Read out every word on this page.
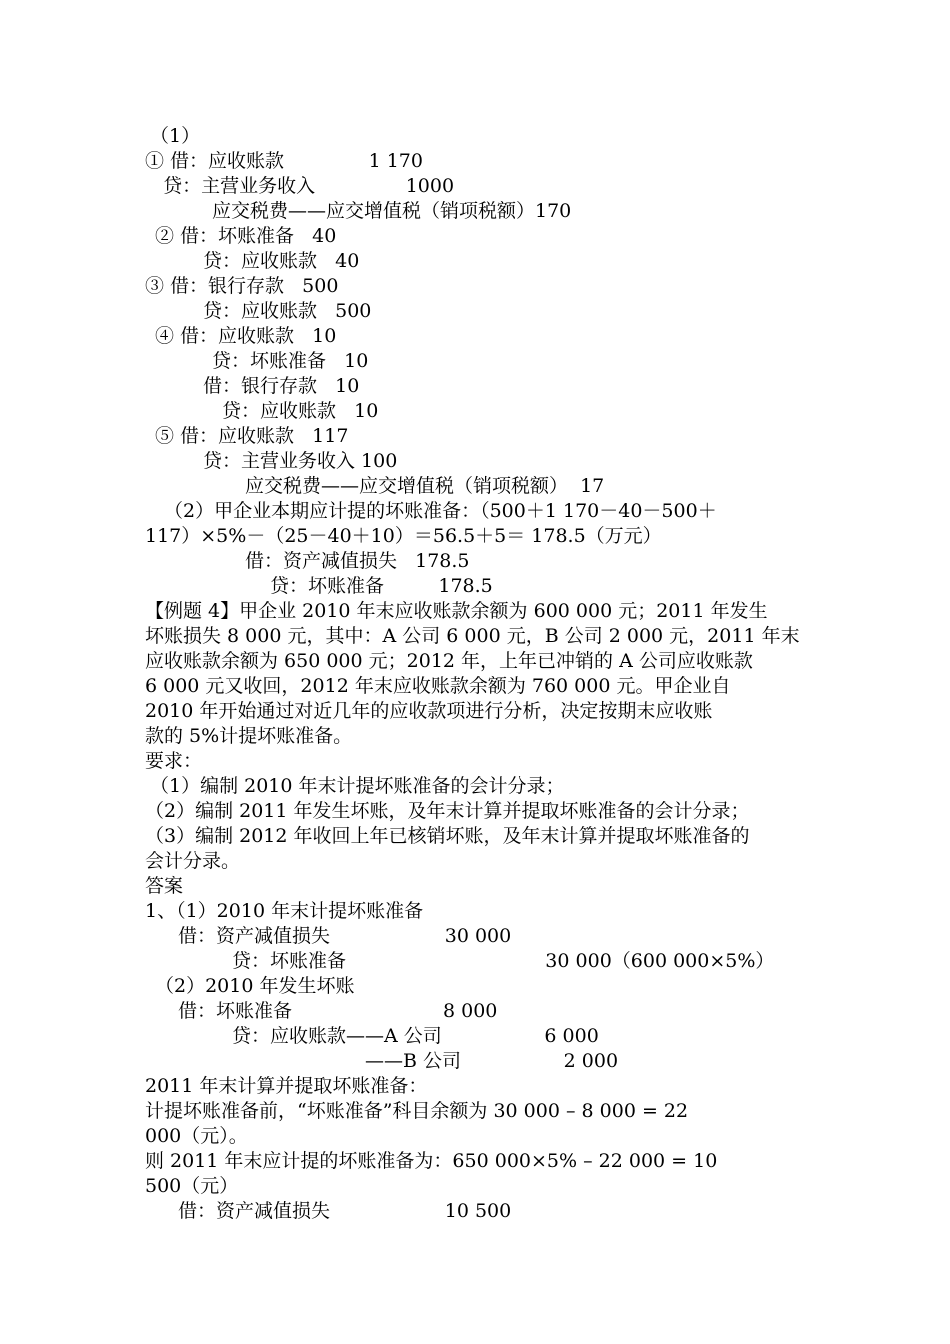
（1）
① 借：应收账款              1 170
贷：主营业务收入               1000
应交税费——应交增值税（销项税额）170
② 借：坏账准备   40
贷：应收账款   40
③ 借：银行存款   500
贷：应收账款   500
④ 借：应收账款   10
贷：坏账准备   10
借：银行存款   10
贷：应收账款   10
⑤ 借：应收账款   117
贷：主营业务收入 100
应交税费——应交增值税（销项税额）  17
（2）甲企业本期应计提的坏账准备：（500＋1 170－40－500＋
117）×5%－（25－40＋10）＝56.5＋5＝ 178.5（万元）
借：资产减值损失   178.5
贷：坏账准备         178.5
【例题 4】甲企业 2010 年末应收账款余额为 600 000 元；2011 年发生
坏账损失 8 000 元，其中：A 公司 6 000 元，B 公司 2 000 元，2011 年末
应收账款余额为 650 000 元；2012 年，上年已冲销的 A 公司应收账款
6 000 元又收回，2012 年末应收账款余额为 760 000 元。甲企业自
2010 年开始通过对近几年的应收款项进行分析，决定按期末应收账
款的 5%计提坏账准备。
要求：
（1）编制 2010 年末计提坏账准备的会计分录；
（2）编制 2011 年发生坏账，及年末计算并提取坏账准备的会计分录；
（3）编制 2012 年收回上年已核销坏账，及年末计算并提取坏账准备的
会计分录。
答案
1、（1）2010 年末计提坏账准备
借：资产减值损失                   30 000
贷：坏账准备                                 30 000（600 000×5%）
（2）2010 年发生坏账
借：坏账准备                         8 000
贷：应收账款——A 公司                 6 000
——B 公司                 2 000
2011 年末计算并提取坏账准备：
计提坏账准备前，“坏账准备”科目余额为 30 000 – 8 000 = 22
000（元）。
则 2011 年末应计提的坏账准备为：650 000×5% – 22 000 = 10
500（元）
借：资产减值损失                   10 500
